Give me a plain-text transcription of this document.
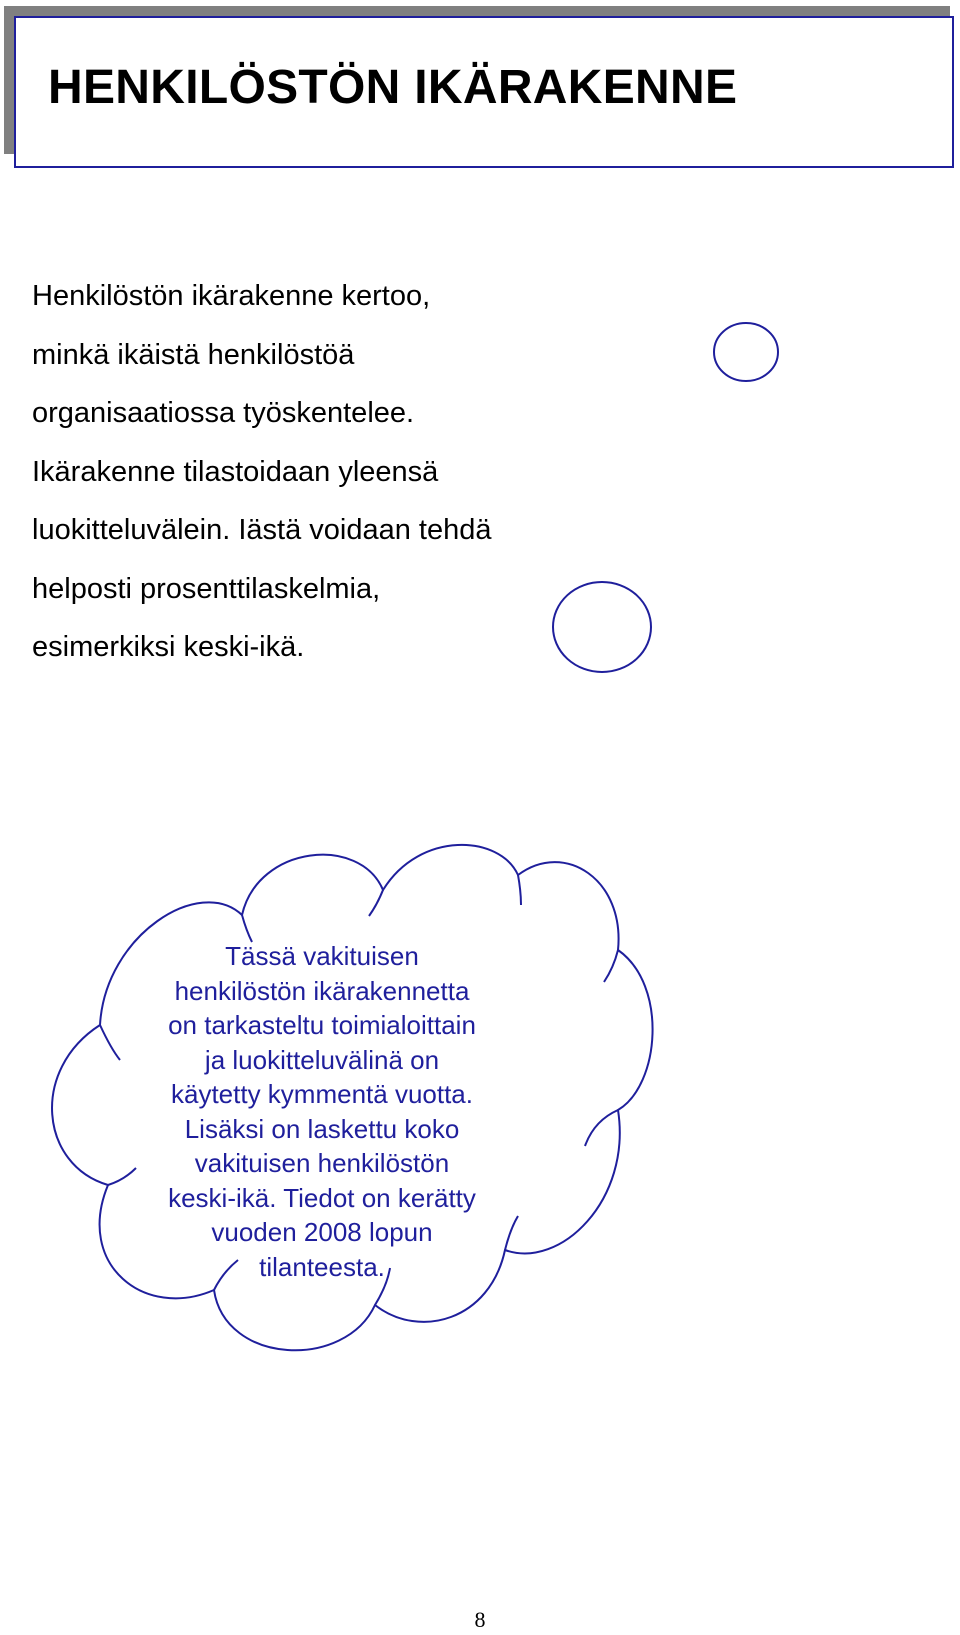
HENKILÖSTÖN IKÄRAKENNE

Henkilöstön ikärakenne kertoo,
minkä ikäistä henkilöstöä
organisaatiossa työskentelee.
Ikärakenne tilastoidaan yleensä
luokitteluvälein. Iästä voidaan tehdä
helposti prosenttilaskelmia,
esimerkiksi keski-ikä.

Tässä vakituisen
henkilöstön ikärakennetta
on tarkasteltu toimialoittain
ja luokitteluvälinä on
käytetty kymmentä vuotta.
Lisäksi on laskettu koko
vakituisen henkilöstön
keski-ikä. Tiedot on kerätty
vuoden 2008 lopun
tilanteesta.

8
